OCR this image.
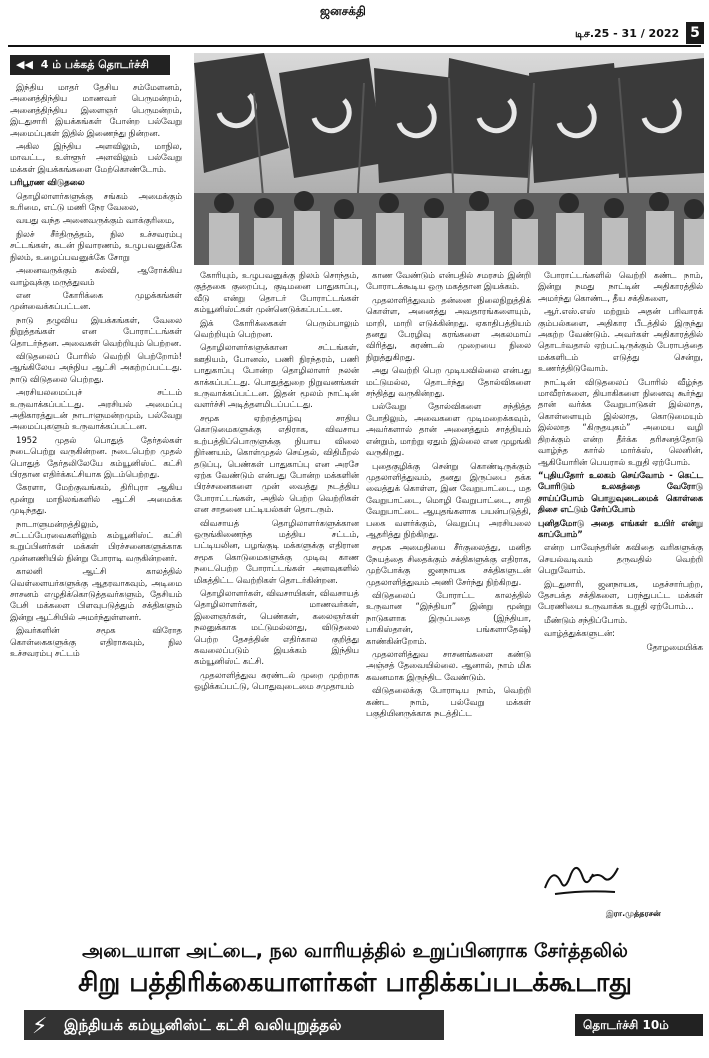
ஜனசக்தி
டிச.25 - 31 / 2022 5
◀◀ 4 ம் பக்கத் தொடர்ச்சி

இந்திய மாதர் தேசிய சம்மேளனம், அனைத்திந்திய மாணவர் பெருமன்றம், அனைத்திந்திய இளைஞர் பெருமன்றம், இடதுசாரி இயக்கங்கள் போன்ற பல்வேறு அமைப்புகள் இதில் இணைந்து நின்றன.

அகில இந்திய அளவிலும், மாநில, மாவட்ட, உள்ளூர் அளவிலும் பல்வேறு மக்கள் இயக்கங்களை மேற்கொண்டோம்.

பரிபூரண விடுதலை

தொழிலாளர்களுக்கு சங்கம் அமைக்கும் உரிமை, எட்டு மணி நேர வேலை,

வயது வந்த அனைவருக்கும் வாக்குரிமை,

நிலச் சீர்திருத்தம், நில உச்சவரம்பு சட்டங்கள், கடன் நிவாரணம், உழுபவனுக்கே நிலம், உழைப்பவனுக்கே சோறு

அனைவருக்கும் கல்வி, ஆரோக்கிய வாழ்வுக்கு மருத்துவம்

என கோரிக்கை முழக்கங்கள் முன்வைக்கப்பட்டன.

நாடு தழுவிய இயக்கங்கள், வேலை நிறுத்தங்கள் என போராட்டங்கள் தொடர்ந்தன. அவைகள் வெற்றியும் பெற்றன.

விடுதலைப் போரில் வெற்றி பெற்றோம்! ஆங்கிலேய அந்நிய ஆட்சி அகற்றப்பட்டது. நாடு விடுதலை பெற்றது.

அரசியலமைப்புச் சட்டம் உருவாக்கப்பட்டது. அரசியல் அமைப்பு அதிகாரத்துடன் நாடாளுமன்றமும், பல்வேறு அமைப்புகளும் உருவாக்கப்பட்டன.

1952 முதல் பொதுத் தேர்தல்கள் நடைபெற்று வருகின்றன. நடைபெற்ற முதல் பொதுத் தேர்தலிலேயே கம்யூனிஸ்ட் கட்சி பிரதான எதிர்க்கட்சியாக இடம்பெற்றது.

கேரளா, மேற்குவங்கம், திரிபுரா ஆகிய மூன்று மாநிலங்களில் ஆட்சி அமைக்க முடிந்தது.

நாடாளுமன்றத்திலும், சட்டப்பேரவைகளிலும் கம்யூனிஸ்ட் கட்சி உறுப்பினர்கள் மக்கள் பிரச்சனைகளுக்காக முன்னணியில் நின்று போராடி வருகின்றனர்.

காலனி ஆட்சி காலத்தில் வெள்ளையர்களுக்கு ஆதரவாகவும், அடிமை சாசனம் எழுதிக்கொடுத்தவர்களும், தேசியம் பேசி மக்களை பிளவுபடுத்தும் சக்திகளும் இன்று ஆட்சியில் அமர்ந்துள்ளனர்.

இவர்களின் சமூக விரோத கொள்கைகளுக்கு எதிராகவும், நில உச்சவரம்பு சட்டம்

கோரியும், உழுபவனுக்கு நிலம் சொந்தம், குத்தகை குறைப்பு, குடிமனை பாதுகாப்பு, வீடு என்று தொடர் போராட்டங்கள் கம்யூனிஸ்ட்கள் முன்னெடுக்கப்பட்டன.

இக் கோரிக்கைகள் பெரும்பாலும் வெற்றியும் பெற்றன.

தொழிலாளர்களுக்கான சட்டங்கள், ஊதியம், போனஸ், பணி நிரந்தரம், பணி பாதுகாப்பு போன்ற தொழிலாளர் நலன் காக்கப்பட்டது. பொதுத்துறை நிறுவனங்கள் உருவாக்கப்பட்டன. இதன் மூலம் நாட்டின் வளர்ச்சி அடித்தளமிடப்பட்டது.

சமூக ஏற்றத்தாழ்வு சாதிய கொடுமைகளுக்கு எதிராக, விவசாய உற்பத்திப்பொருளுக்கு நியாய விலை நிர்ணயம், கொள்முதல் செய்தல், விதிமீறல் தடுப்பு, பெண்கள் பாதுகாப்பு என அரசே ஏற்க வேண்டும் என்பது போன்ற மக்களின் பிரச்சனைகளை முன் வைத்து நடத்திய போராட்டங்கள், அதில் பெற்ற வெற்றிகள் என சாதனை பட்டியல்கள் தொடரும்.

விவசாயத் தொழிலாளர்களுக்கான ஒருங்கிணைந்த மத்திய சட்டம், பட்டியலின, பழங்குடி மக்களுக்கு எதிரான சமூக கொடுமைகளுக்கு முடிவு காண நடைபெற்ற போராட்டங்கள் அளவுகளில் மிகத்திட்ட வெற்றிகள் தொடர்கின்றன.

தொழிலாளர்கள், விவசாயிகள், விவசாயத் தொழிலாளர்கள், மாணவர்கள், இளைஞர்கள், பெண்கள், கலைஞர்கள் நலனுக்காக மட்டுமல்லாது, விடுதலை பெற்ற தேசத்தின் எதிர்கால குறித்து கவலைப்படும் இயக்கம் இந்திய கம்யூனிஸ்ட் கட்சி.

முதலாளித்துவ சுரண்டல் முறை முற்றாக ஒழிக்கப்பட்டு, பொதுவுடைமை சமுதாயம்

காண வேண்டும் என்பதில் சமரசம் இன்றி போராடக்கூடிய ஒரு மகத்தான இயக்கம்.

முதலாளித்துவம் தன்னை நிலைநிறுத்திக் கொள்ள, அனைத்து அவதாரங்களையும், மாறி, மாறி எடுக்கின்றது. ஏகாதிபத்தியம் தனது பேரழிவு கரங்களை அகலமாய் விரித்து, சுரண்டல் முறையை நிலை நிறுத்துகிறது.

அது வெற்றி பெற முடியவில்லை என்பது மட்டுமல்ல, தொடர்ந்து தோல்விகளை சந்தித்து வருகின்றது.

பல்வேறு தோல்விகளை சந்தித்த போதிலும், அவைகளை முடிமறைக்கவும், அவர்களால் தான் அனைத்தும் சாத்தியம் என்றும், மாற்று ஏதும் இல்லை என முழங்கி வருகிறது.

புதைகுழிக்கு சென்று கொண்டிருக்கும் முதலாளித்துவம், தனது இருப்பை தக்க வைத்துக் கொள்ள, இன வேறுபாட்டை, மத வேறுபாட்டை, மொழி வேறுபாட்டை, சாதி வேறுபாட்டை ஆயுதங்களாக பயன்படுத்தி, பகை வளர்க்கும், வெறுப்பு அரசியலை ஆதரித்து நிற்கிறது.

சமூக அமைதியை சீர்குலைத்து, மனித நேயத்தை சிதைக்கும் சக்திகளுக்கு எதிராக, முற்போக்கு ஜனநாயக சக்திகளுடன் முதலாளித்துவம் அணி சேர்ந்து நிற்கிறது.

விடுதலைப் போராட்ட காலத்தில் உருவான “இந்தியா” இன்று மூன்று நாடுகளாக இருப்பதை (இந்தியா, பாகிஸ்தான், பங்களாதேஷ்) காண்கின்றோம்.

முதலாளித்துவ சாசனங்களை கண்டு அஞ்சத் தேவையில்லை. ஆனால், நாம் மிக கவனமாக இருந்திட வேண்டும்.

விடுதலைக்கு போராடிய நாம், வெற்றி கண்ட நாம், பல்வேறு மக்கள் பகுதியினருக்காக நடத்திட்ட

போராட்டங்களில் வெற்றி கண்ட நாம், இன்று நமது நாட்டின் அதிகாரத்தில் அமர்ந்து கொண்ட, தீய சக்திகளை,

ஆர்.எஸ்.எஸ் மற்றும் அதன் பரிவாரக் கும்பல்களை, அதிகார பீடத்தில் இருந்து அகற்ற வேண்டும். அவர்கள் அதிகாரத்தில் தொடர்வதால் ஏற்பட்டிருக்கும் பேராபத்தை மக்களிடம் எடுத்து சென்று, உணர்த்திடுவோம்.

நாட்டின் விடுதலைப் போரில் வீழ்ந்த மாவீரர்களை, தியாகிகளை நினைவு கூர்ந்து தான் வர்க்க வேறுபாடுகள் இல்லாத, கொள்ளையும் இல்லாத, கொடுமையும் இல்லாத “கிருதயுகம்” அமைய வழி திறக்கும் என்ற தீர்க்க தரிசனத்தோடு வாழ்ந்த கார்ல் மார்க்ஸ், லெனின், ஆகியோரின் பெயரால் உறுதி ஏற்போம்.

“புதியதோர் உலகம் செய்வோம் - கெட்ட போரிடும் உலகத்தை வேரோடு சாய்ப்போம் பொதுவுடைமைக் கொள்கை திசை எட்டும் சேர்ப்போம்

புனிதமோடு அதை எங்கள் உயிர் என்று காப்போம்”

என்ற பாவேந்தரின் கவிதை வரிகளுக்கு செயல்வடிவம் தருவதில் வெற்றி பெறுவோம்.

இடதுசாரி, ஜனநாயக, மதச்சார்பற்ற, தேசபக்த சக்திகளை, பரந்துபட்ட மக்கள் பேரணியை உருவாக்க உறுதி ஏற்போம்...

மீண்டும் சந்திப்போம்.

வாழ்த்துக்களுடன்:

தோழமையிக்க

இரா.முத்தரசன்
அடையாள அட்டை, நல வாரியத்தில் உறுப்பினராக சேர்த்தலில்
சிறு பத்திரிக்கையாளர்கள் பாதிக்கப்படக்கூடாது
⚡ இந்தியக் கம்யூனிஸ்ட் கட்சி வலியுறுத்தல்	தொடர்ச்சி 10ம் பக்கம் ▶▶
